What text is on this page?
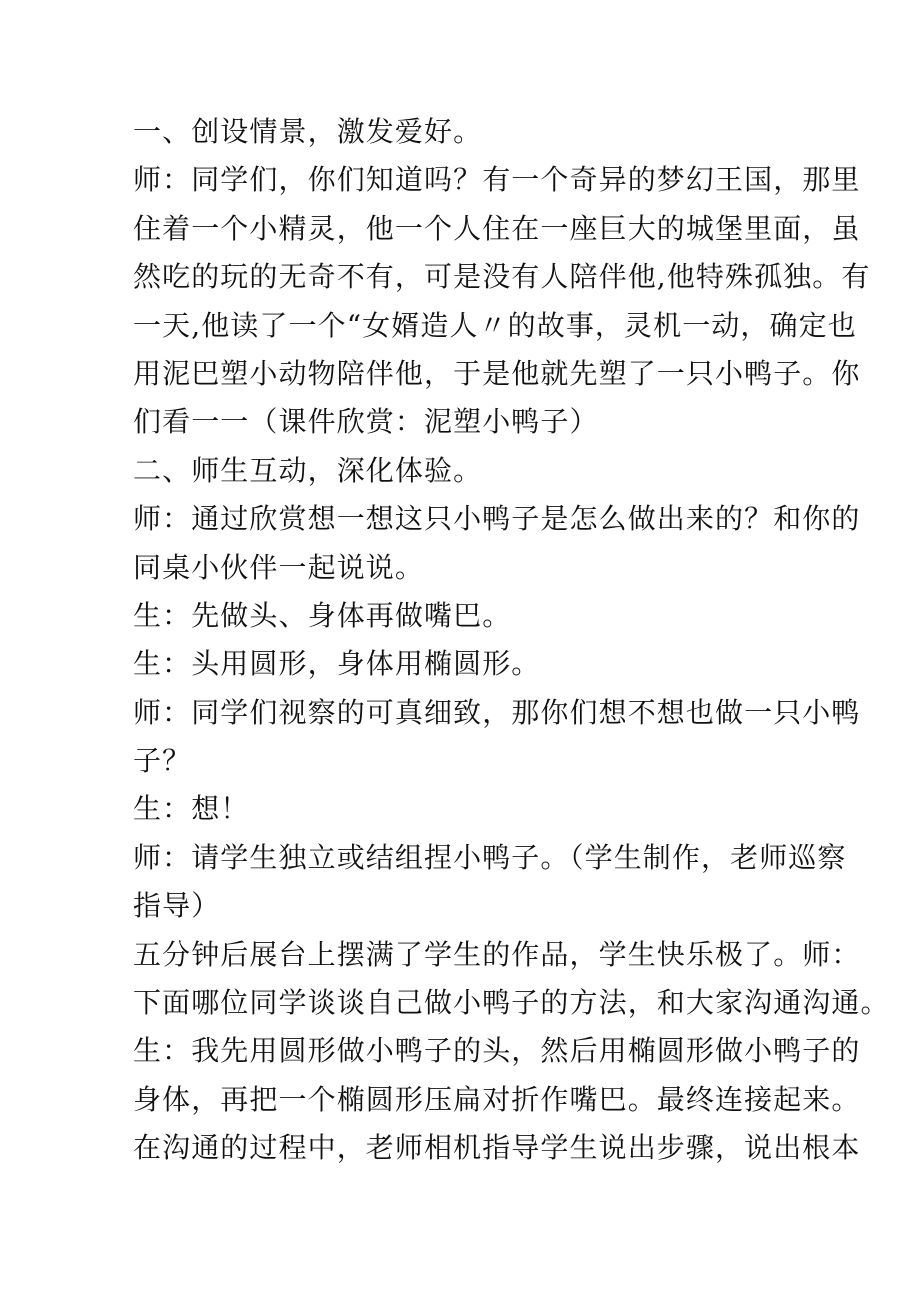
一、创设情景，激发爱好。
师：同学们，你们知道吗？有一个奇异的梦幻王国，那里
住着一个小精灵，他一个人住在一座巨大的城堡里面，虽
然吃的玩的无奇不有，可是没有人陪伴他,他特殊孤独。有
一天,他读了一个“女婿造人〃的故事，灵机一动，确定也
用泥巴塑小动物陪伴他，于是他就先塑了一只小鸭子。你
们看一一（课件欣赏：泥塑小鸭子）
二、师生互动，深化体验。
师：通过欣赏想一想这只小鸭子是怎么做出来的？和你的
同桌小伙伴一起说说。
生：先做头、身体再做嘴巴。
生：头用圆形，身体用椭圆形。
师：同学们视察的可真细致，那你们想不想也做一只小鸭
子？
生：想！
师：请学生独立或结组捏小鸭子。（学生制作，老师巡察
指导）
五分钟后展台上摆满了学生的作品，学生快乐极了。师：
下面哪位同学谈谈自己做小鸭子的方法，和大家沟通沟通。
生：我先用圆形做小鸭子的头，然后用椭圆形做小鸭子的
身体，再把一个椭圆形压扁对折作嘴巴。最终连接起来。
在沟通的过程中，老师相机指导学生说出步骤，说出根本
